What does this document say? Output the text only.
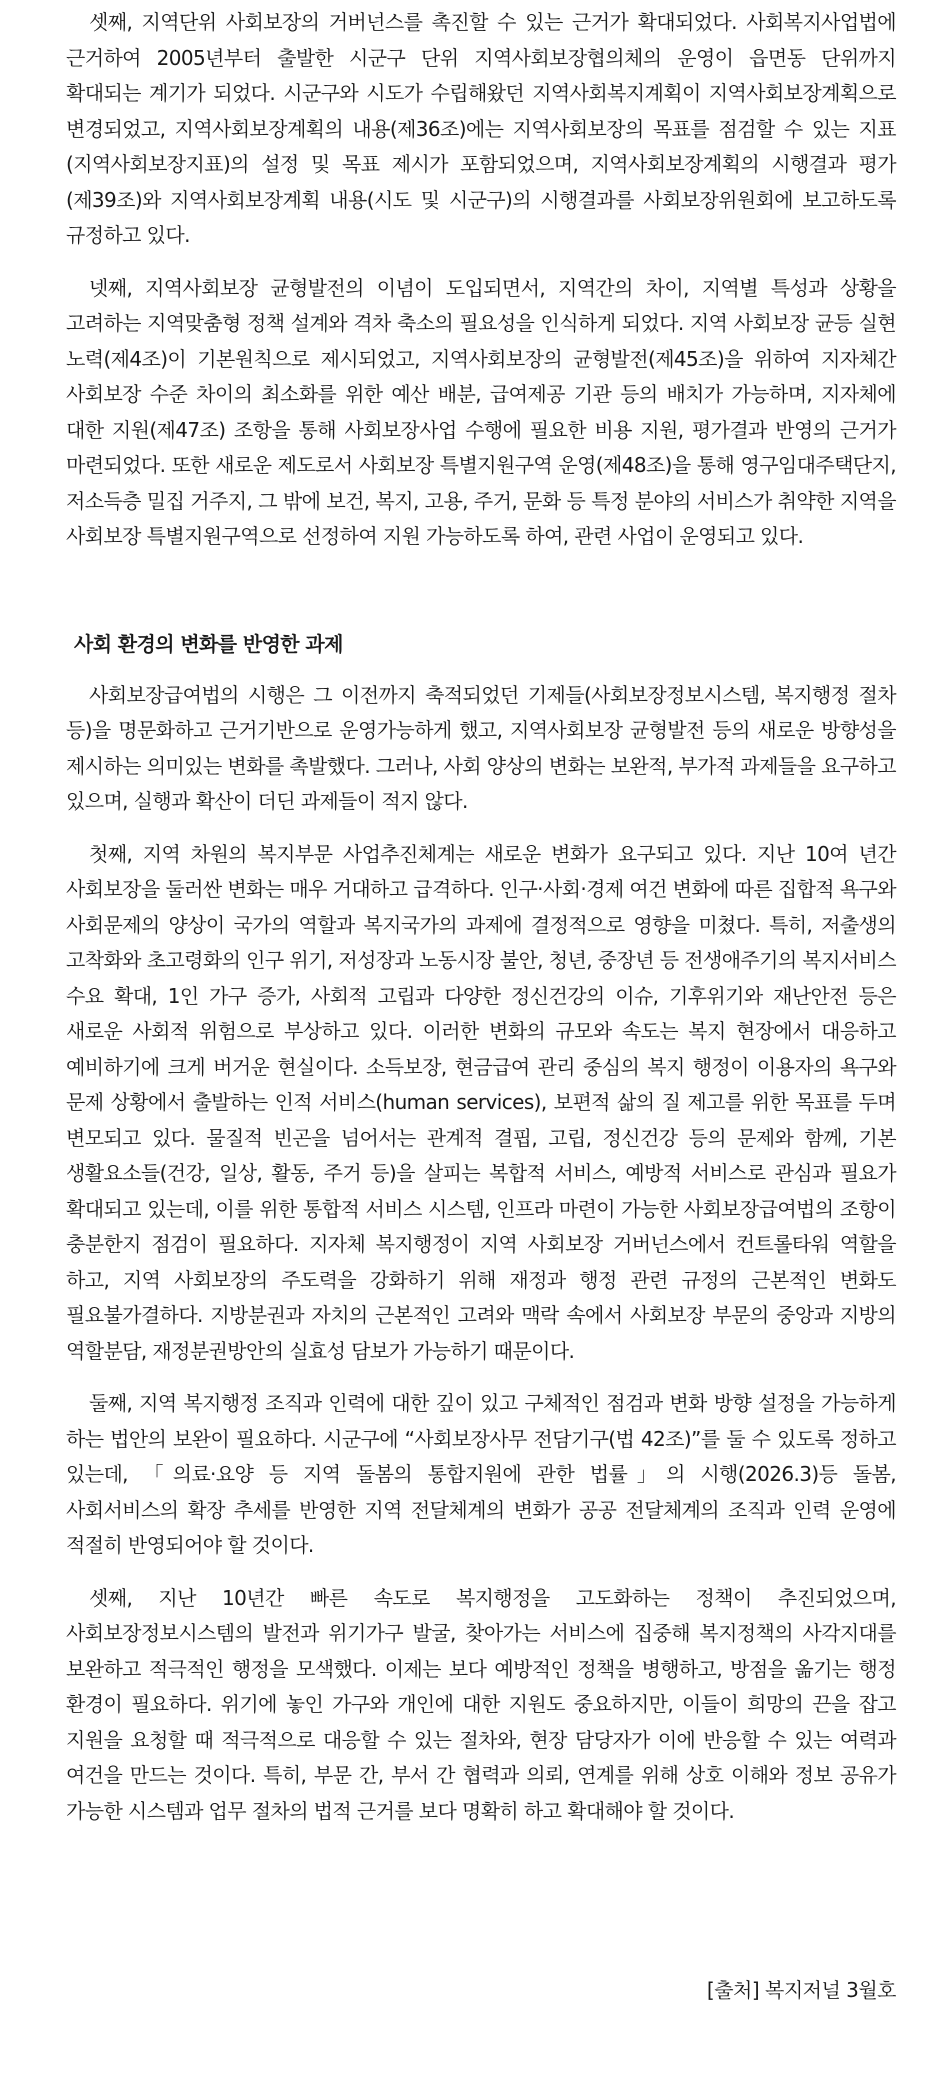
셋째, 지역단위 사회보장의 거버넌스를 촉진할 수 있는 근거가 확대되었다. 사회복지사업법에 근거하여 2005년부터 출발한 시군구 단위 지역사회보장협의체의 운영이 읍면동 단위까지 확대되는 계기가 되었다. 시군구와 시도가 수립해왔던 지역사회복지계획이 지역사회보장계획으로 변경되었고, 지역사회보장계획의 내용(제36조)에는 지역사회보장의 목표를 점검할 수 있는 지표(지역사회보장지표)의 설정 및 목표 제시가 포함되었으며, 지역사회보장계획의 시행결과 평가(제39조)와 지역사회보장계획 내용(시도 및 시군구)의 시행결과를 사회보장위원회에 보고하도록 규정하고 있다.

넷째, 지역사회보장 균형발전의 이념이 도입되면서, 지역간의 차이, 지역별 특성과 상황을 고려하는 지역맞춤형 정책 설계와 격차 축소의 필요성을 인식하게 되었다. 지역 사회보장 균등 실현 노력(제4조)이 기본원칙으로 제시되었고, 지역사회보장의 균형발전(제45조)을 위하여 지자체간 사회보장 수준 차이의 최소화를 위한 예산 배분, 급여제공 기관 등의 배치가 가능하며, 지자체에 대한 지원(제47조) 조항을 통해 사회보장사업 수행에 필요한 비용 지원, 평가결과 반영의 근거가 마련되었다. 또한 새로운 제도로서 사회보장 특별지원구역 운영(제48조)을 통해 영구임대주택단지, 저소득층 밀집 거주지, 그 밖에 보건, 복지, 고용, 주거, 문화 등 특정 분야의 서비스가 취약한 지역을 사회보장 특별지원구역으로 선정하여 지원 가능하도록 하여, 관련 사업이 운영되고 있다.

사회 환경의 변화를 반영한 과제

사회보장급여법의 시행은 그 이전까지 축적되었던 기제들(사회보장정보시스템, 복지행정 절차 등)을 명문화하고 근거기반으로 운영가능하게 했고, 지역사회보장 균형발전 등의 새로운 방향성을 제시하는 의미있는 변화를 촉발했다. 그러나, 사회 양상의 변화는 보완적, 부가적 과제들을 요구하고 있으며, 실행과 확산이 더딘 과제들이 적지 않다.

첫째, 지역 차원의 복지부문 사업추진체계는 새로운 변화가 요구되고 있다. 지난 10여 년간 사회보장을 둘러싼 변화는 매우 거대하고 급격하다. 인구·사회·경제 여건 변화에 따른 집합적 욕구와 사회문제의 양상이 국가의 역할과 복지국가의 과제에 결정적으로 영향을 미쳤다. 특히, 저출생의 고착화와 초고령화의 인구 위기, 저성장과 노동시장 불안, 청년, 중장년 등 전생애주기의 복지서비스 수요 확대, 1인 가구 증가, 사회적 고립과 다양한 정신건강의 이슈, 기후위기와 재난안전 등은 새로운 사회적 위험으로 부상하고 있다. 이러한 변화의 규모와 속도는 복지 현장에서 대응하고 예비하기에 크게 버거운 현실이다. 소득보장, 현금급여 관리 중심의 복지 행정이 이용자의 욕구와 문제 상황에서 출발하는 인적 서비스(human services), 보편적 삶의 질 제고를 위한 목표를 두며 변모되고 있다. 물질적 빈곤을 넘어서는 관계적 결핍, 고립, 정신건강 등의 문제와 함께, 기본 생활요소들(건강, 일상, 활동, 주거 등)을 살피는 복합적 서비스, 예방적 서비스로 관심과 필요가 확대되고 있는데, 이를 위한 통합적 서비스 시스템, 인프라 마련이 가능한 사회보장급여법의 조항이 충분한지 점검이 필요하다. 지자체 복지행정이 지역 사회보장 거버넌스에서 컨트롤타워 역할을 하고, 지역 사회보장의 주도력을 강화하기 위해 재정과 행정 관련 규정의 근본적인 변화도 필요불가결하다. 지방분권과 자치의 근본적인 고려와 맥락 속에서 사회보장 부문의 중앙과 지방의 역할분담, 재정분권방안의 실효성 담보가 가능하기 때문이다.

둘째, 지역 복지행정 조직과 인력에 대한 깊이 있고 구체적인 점검과 변화 방향 설정을 가능하게 하는 법안의 보완이 필요하다. 시군구에 “사회보장사무 전담기구(법 42조)”를 둘 수 있도록 정하고 있는데, 「의료·요양 등 지역 돌봄의 통합지원에 관한 법률」의 시행(2026.3)등 돌봄, 사회서비스의 확장 추세를 반영한 지역 전달체계의 변화가 공공 전달체계의 조직과 인력 운영에 적절히 반영되어야 할 것이다.

셋째, 지난 10년간 빠른 속도로 복지행정을 고도화하는 정책이 추진되었으며, 사회보장정보시스템의 발전과 위기가구 발굴, 찾아가는 서비스에 집중해 복지정책의 사각지대를 보완하고 적극적인 행정을 모색했다. 이제는 보다 예방적인 정책을 병행하고, 방점을 옮기는 행정 환경이 필요하다. 위기에 놓인 가구와 개인에 대한 지원도 중요하지만, 이들이 희망의 끈을 잡고 지원을 요청할 때 적극적으로 대응할 수 있는 절차와, 현장 담당자가 이에 반응할 수 있는 여력과 여건을 만드는 것이다. 특히, 부문 간, 부서 간 협력과 의뢰, 연계를 위해 상호 이해와 정보 공유가 가능한 시스템과 업무 절차의 법적 근거를 보다 명확히 하고 확대해야 할 것이다.

[출처] 복지저널 3월호
